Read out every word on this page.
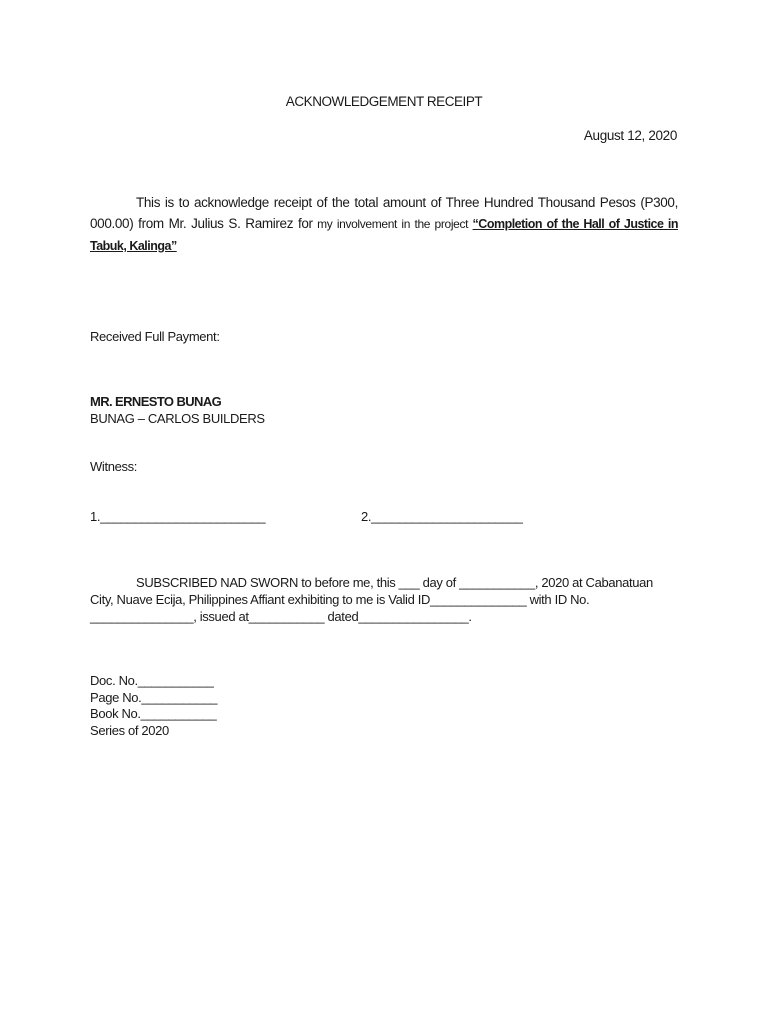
ACKNOWLEDGEMENT RECEIPT
August 12, 2020
This is to acknowledge receipt of the total amount of Three Hundred Thousand Pesos (P300, 000.00) from Mr. Julius S. Ramirez for my involvement in the project “Completion of the Hall of Justice in Tabuk, Kalinga”
Received Full Payment:
MR. ERNESTO BUNAG
BUNAG – CARLOS BUILDERS
Witness:
1.________________________	2.______________________
SUBSCRIBED NAD SWORN to before me, this ___ day of ___________, 2020 at Cabanatuan City, Nuave Ecija, Philippines Affiant exhibiting to me is Valid ID______________ with ID No. _______________, issued at___________ dated________________.
Doc. No.___________
Page No.___________
Book No.___________
Series of 2020
